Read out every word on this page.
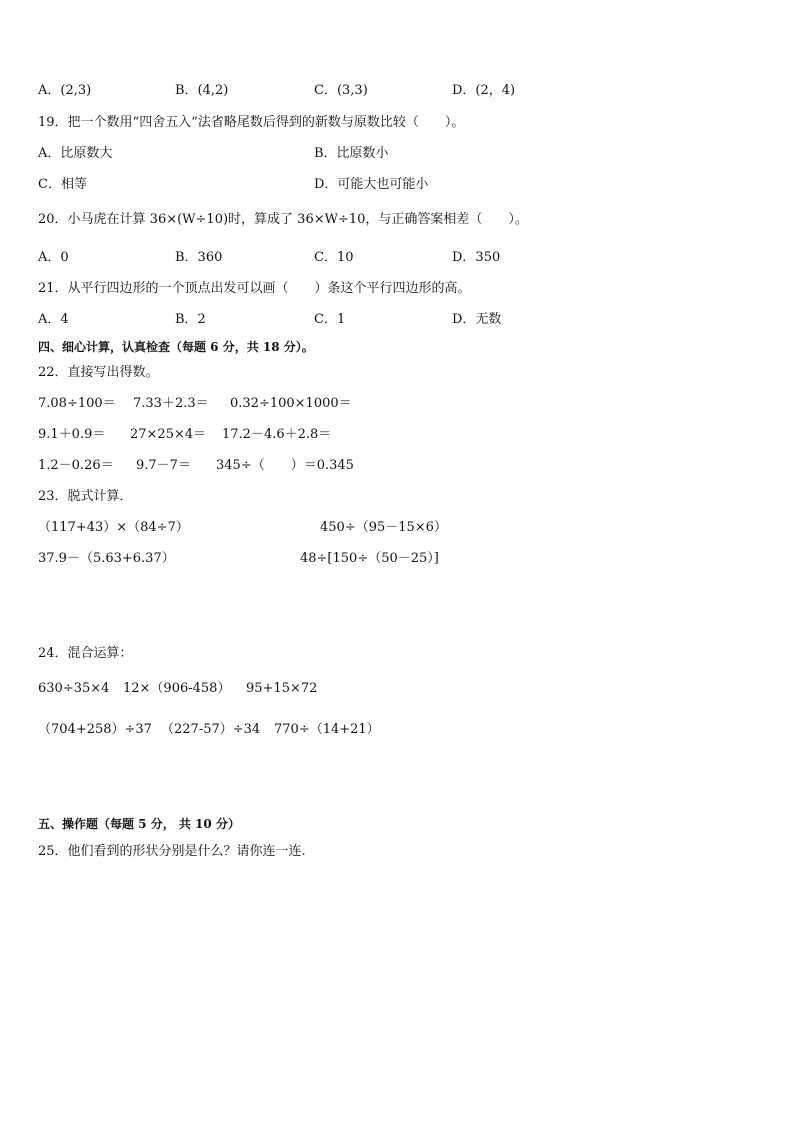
A．(2,3)	B．(4,2)	C．(3,3)	D．(2，4)
19．把一个数用“四舍五入”法省略尾数后得到的新数与原数比较（　　）。
A．比原数大	B．比原数小
C．相等	D．可能大也可能小
20．小马虎在计算 36×(W÷10)时，算成了 36×W÷10，与正确答案相差（　　）。
A．0	B．360	C．10	D．350
21．从平行四边形的一个顶点出发可以画（　　）条这个平行四边形的高。
A．4	B．2	C．1	D．无数
四、细心计算，认真检查（每题 6 分，共 18 分）。
22．直接写出得数。
7.08÷100＝ 7.33＋2.3＝ 0.32÷100×1000＝
9.1＋0.9＝ 27×25×4＝ 17.2－4.6＋2.8＝
1.2－0.26＝ 9.7－7＝ 345÷（　　）＝0.345
23．脱式计算．
（117+43）×（84÷7）	450÷（95－15×6）
37.9－（5.63+6.37）	48÷[150÷（50－25）]
24．混合运算：
630÷35×4 12×（906-458） 95+15×72
（704+258）÷37 （227-57）÷34 770÷（14+21）
五、操作题（每题 5 分， 共 10 分）
25．他们看到的形状分别是什么？请你连一连.
